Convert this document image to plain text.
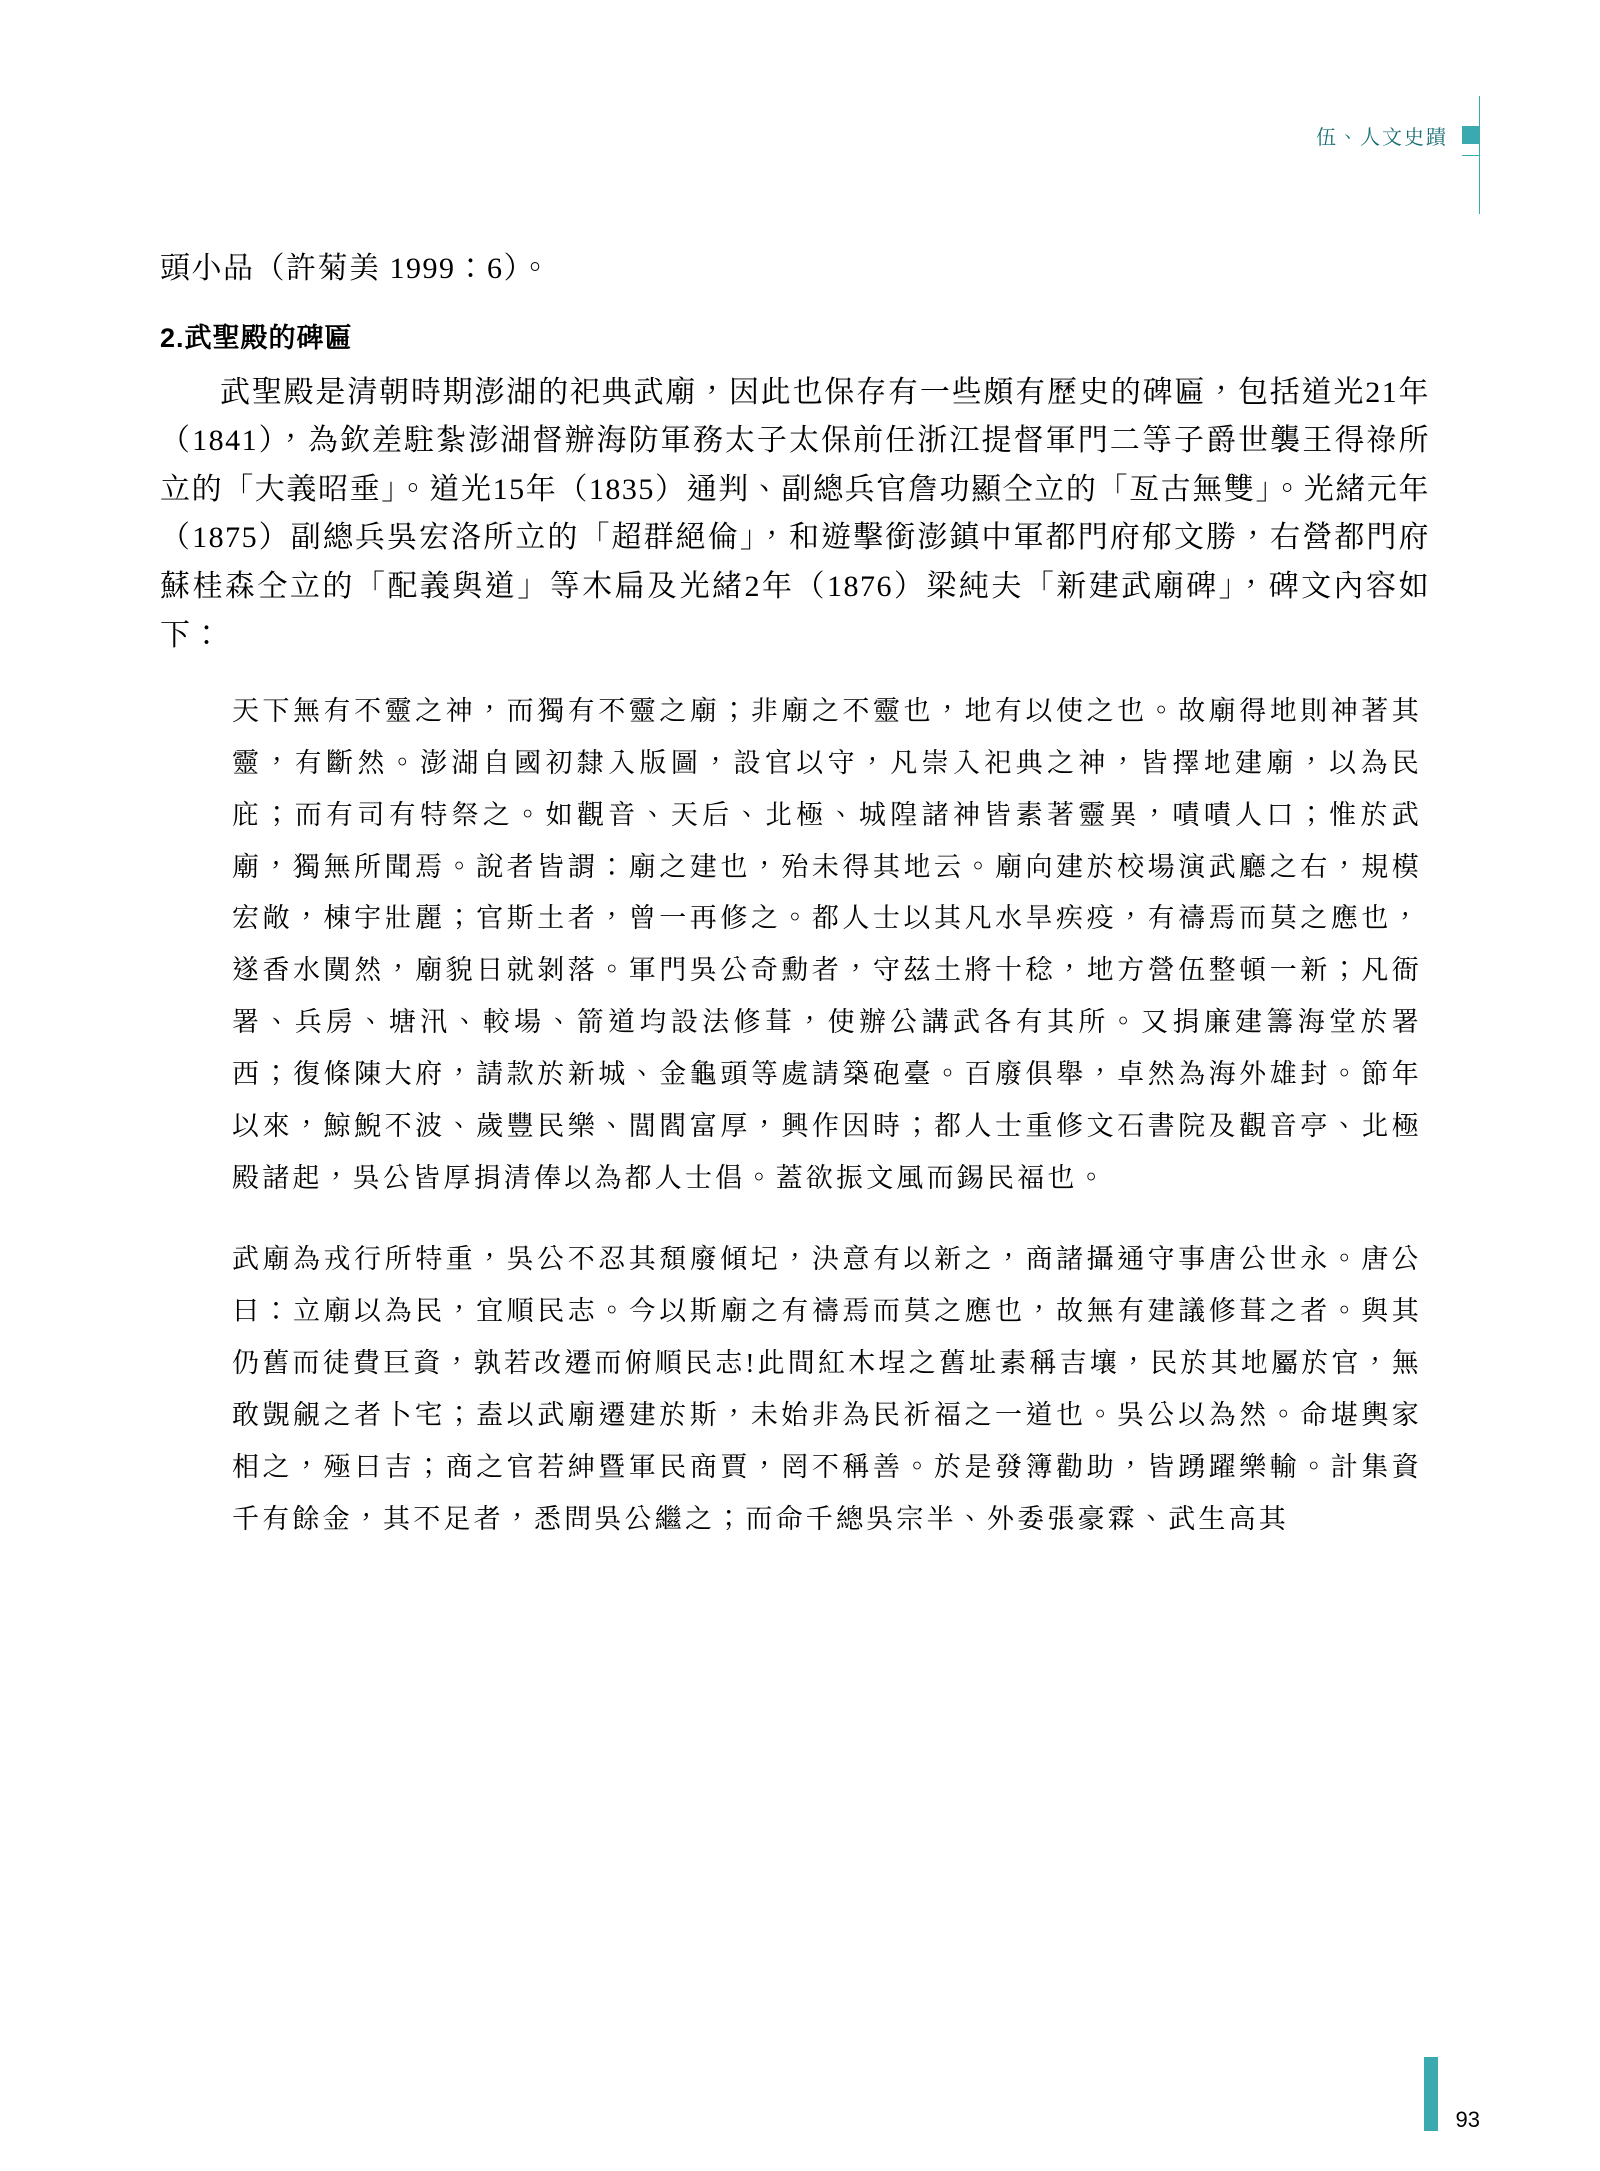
伍、人文史蹟

頭小品（許菊美 1999：6）。

2.武聖殿的碑匾

武聖殿是清朝時期澎湖的祀典武廟，因此也保存有一些頗有歷史的碑匾，包括道光21年（1841），為欽差駐紮澎湖督辦海防軍務太子太保前任浙江提督軍門二等子爵世襲王得祿所立的「大義昭垂」。道光15年（1835）通判、副總兵官詹功顯仝立的「亙古無雙」。光緒元年（1875）副總兵吳宏洛所立的「超群絕倫」，和遊擊銜澎鎮中軍都門府郁文勝，右營都門府蘇桂森仝立的「配義與道」等木扁及光緒2年（1876）梁純夫「新建武廟碑」，碑文內容如下：

天下無有不靈之神，而獨有不靈之廟；非廟之不靈也，地有以使之也。故廟得地則神著其靈，有斷然。澎湖自國初隸入版圖，設官以守，凡崇入祀典之神，皆擇地建廟，以為民庇；而有司有特祭之。如觀音、天后、北極、城隍諸神皆素著靈異，嘖嘖人口；惟於武廟，獨無所聞焉。說者皆謂：廟之建也，殆未得其地云。廟向建於校場演武廳之右，規模宏敞，棟宇壯麗；官斯土者，曾一再修之。都人士以其凡水旱疾疫，有禱焉而莫之應也，遂香水闃然，廟貌日就剝落。軍門吳公奇勳者，守茲土將十稔，地方營伍整頓一新；凡衙署、兵房、塘汛、較場、箭道均設法修葺，使辦公講武各有其所。又捐廉建籌海堂於署西；復條陳大府，請款於新城、金龜頭等處請築砲臺。百廢俱舉，卓然為海外雄封。節年以來，鯨鯢不波、歲豐民樂、閭閻富厚，興作因時；都人士重修文石書院及觀音亭、北極殿諸起，吳公皆厚捐清俸以為都人士倡。蓋欲振文風而錫民福也。

武廟為戎行所特重，吳公不忍其頹廢傾圮，決意有以新之，商諸攝通守事唐公世永。唐公曰：立廟以為民，宜順民志。今以斯廟之有禱焉而莫之應也，故無有建議修葺之者。與其仍舊而徒費巨資，孰若改遷而俯順民志!此間紅木埕之舊址素稱吉壤，民於其地屬於官，無敢覬覦之者卜宅；盍以武廟遷建於斯，未始非為民祈福之一道也。吳公以為然。命堪輿家相之，殛曰吉；商之官若紳暨軍民商賈，罔不稱善。於是發簿勸助，皆踴躍樂輸。計集資千有餘金，其不足者，悉問吳公繼之；而命千總吳宗半、外委張豪霖、武生高其

93
